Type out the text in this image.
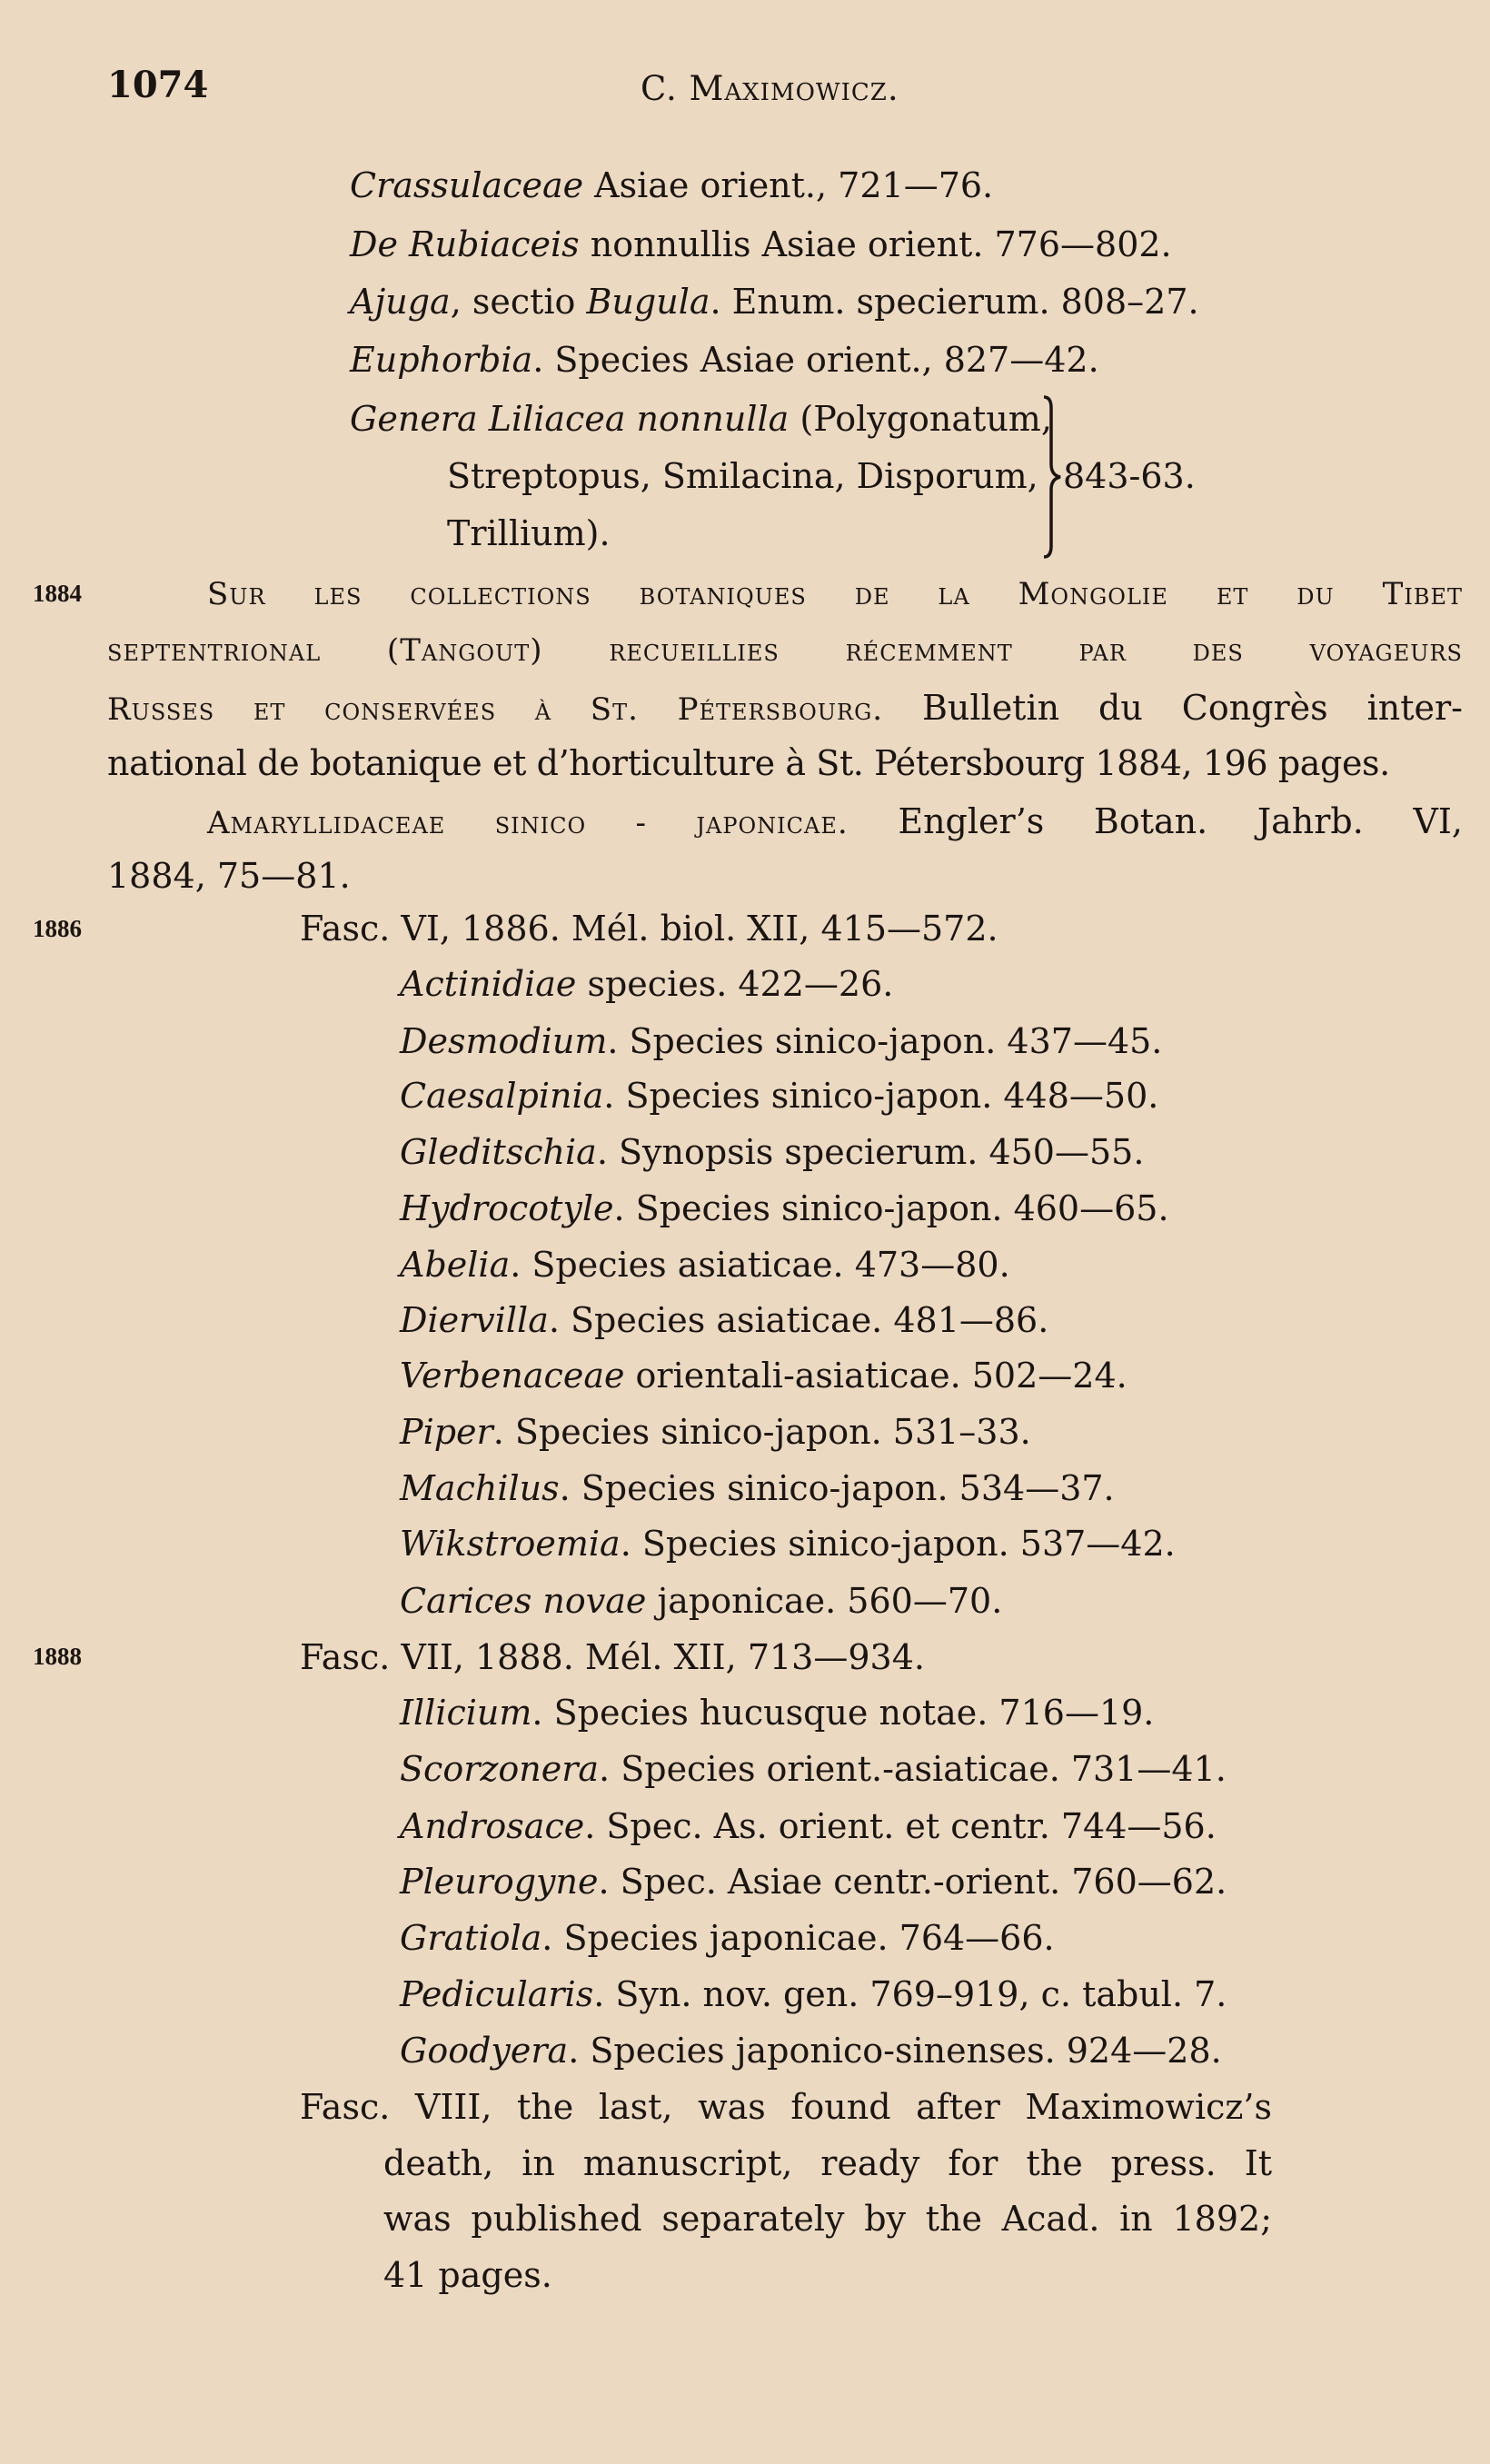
1074	C. Maximowicz.
Crassulaceae Asiae orient., 721—76.
De Rubiaceis nonnullis Asiae orient. 776—802.
Ajuga, sectio Bugula. Enum. specierum. 808–27.
Euphorbia. Species Asiae orient., 827—42.
Genera Liliacea nonnulla (Polygonatum,
Streptopus, Smilacina, Disporum,
Trillium).
843-63.
1884	Sur les collections botaniques de la Mongolie et du Tibet
septentrional (Tangout) recueillies récemment par des voyageurs
Russes et conservées à St. Pétersbourg. Bulletin du Congrès inter-
national de botanique et d’horticulture à St. Pétersbourg 1884, 196 pages.
Amaryllidaceae sinico - japonicae. Engler’s Botan. Jahrb. VI,
1884, 75—81.
1886	Fasc. VI, 1886. Mél. biol. XII, 415—572.
Actinidiae species. 422—26.
Desmodium. Species sinico-japon. 437—45.
Caesalpinia. Species sinico-japon. 448—50.
Gleditschia. Synopsis specierum. 450—55.
Hydrocotyle. Species sinico-japon. 460—65.
Abelia. Species asiaticae. 473—80.
Diervilla. Species asiaticae. 481—86.
Verbenaceae orientali-asiaticae. 502—24.
Piper. Species sinico-japon. 531–33.
Machilus. Species sinico-japon. 534—37.
Wikstroemia. Species sinico-japon. 537—42.
Carices novae japonicae. 560—70.
1888	Fasc. VII, 1888. Mél. XII, 713—934.
Illicium. Species hucusque notae. 716—19.
Scorzonera. Species orient.-asiaticae. 731—41.
Androsace. Spec. As. orient. et centr. 744—56.
Pleurogyne. Spec. Asiae centr.-orient. 760—62.
Gratiola. Species japonicae. 764—66.
Pedicularis. Syn. nov. gen. 769–919, c. tabul. 7.
Goodyera. Species japonico-sinenses. 924—28.
Fasc. VIII, the last, was found after Maximowicz’s
death, in manuscript, ready for the press. It
was published separately by the Acad. in 1892;
41 pages.
